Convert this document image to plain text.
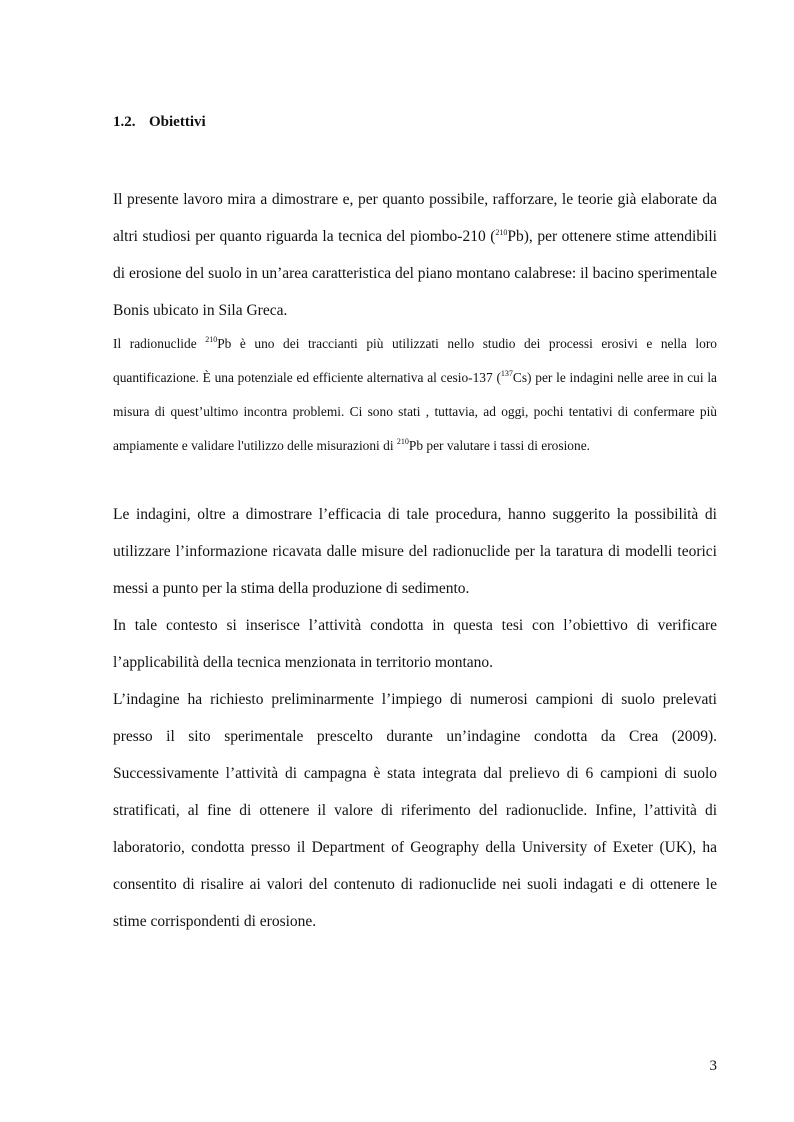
1.2. Obiettivi

Il presente lavoro mira a dimostrare e, per quanto possibile, rafforzare, le teorie già elaborate da altri studiosi per quanto riguarda la tecnica del piombo-210 ($^{210}$Pb), per ottenere stime attendibili di erosione del suolo in un’area caratteristica del piano montano calabrese: il bacino sperimentale Bonis ubicato in Sila Greca.

Il radionuclide $^{210}$Pb è uno dei traccianti più utilizzati nello studio dei processi erosivi e nella loro quantificazione. È una potenziale ed efficiente alternativa al cesio-137 ($^{137}$Cs) per le indagini nelle aree in cui la misura di quest’ultimo incontra problemi. Ci sono stati , tuttavia, ad oggi, pochi tentativi di confermare più ampiamente e validare l'utilizzo delle misurazioni di $^{210}$Pb per valutare i tassi di erosione.

Le indagini, oltre a dimostrare l’efficacia di tale procedura, hanno suggerito la possibilità di utilizzare l’informazione ricavata dalle misure del radionuclide per la taratura di modelli teorici messi a punto per la stima della produzione di sedimento.

In tale contesto si inserisce l’attività condotta in questa tesi con l’obiettivo di verificare l’applicabilità della tecnica menzionata in territorio montano.

L’indagine ha richiesto preliminarmente l’impiego di numerosi campioni di suolo prelevati presso il sito sperimentale prescelto durante un’indagine condotta da Crea (2009). Successivamente l’attività di campagna è stata integrata dal prelievo di 6 campioni di suolo stratificati, al fine di ottenere il valore di riferimento del radionuclide. Infine, l’attività di laboratorio, condotta presso il Department of Geography della University of Exeter (UK), ha consentito di risalire ai valori del contenuto di radionuclide nei suoli indagati e di ottenere le stime corrispondenti di erosione.

3
